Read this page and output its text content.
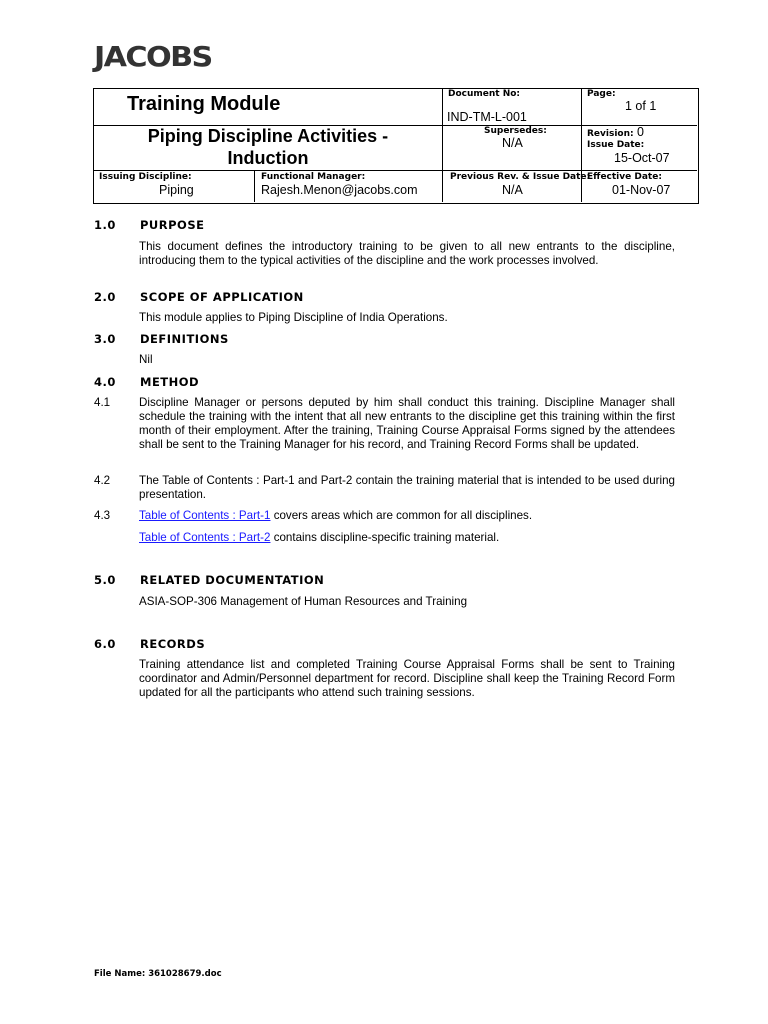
JACOBS
Training Module
Piping Discipline Activities -
Induction
Document No:
IND-TM-L-001
Page:
1 of 1
Supersedes:
N/A
Revision: 0
Issue Date:
15-Oct-07
Issuing Discipline:
Piping
Functional Manager:
Rajesh.Menon@jacobs.com
Previous Rev. & Issue Date:
N/A
Effective Date:
01-Nov-07
1.0 PURPOSE
This document defines the introductory training to be given to all new entrants to the discipline, introducing them to the typical activities of the discipline and the work processes involved.
2.0 SCOPE OF APPLICATION
This module applies to Piping Discipline of India Operations.
3.0 DEFINITIONS
Nil
4.0 METHOD
4.1 Discipline Manager or persons deputed by him shall conduct this training. Discipline Manager shall schedule the training with the intent that all new entrants to the discipline get this training within the first month of their employment. After the training, Training Course Appraisal Forms signed by the attendees shall be sent to the Training Manager for his record, and Training Record Forms shall be updated.
4.2 The Table of Contents : Part-1 and Part-2 contain the training material that is intended to be used during presentation.
4.3 Table of Contents : Part-1 covers areas which are common for all disciplines.
Table of Contents : Part-2 contains discipline-specific training material.
5.0 RELATED DOCUMENTATION
ASIA-SOP-306 Management of Human Resources and Training
6.0 RECORDS
Training attendance list and completed Training Course Appraisal Forms shall be sent to Training coordinator and Admin/Personnel department for record. Discipline shall keep the Training Record Form updated for all the participants who attend such training sessions.
File Name: 361028679.doc
